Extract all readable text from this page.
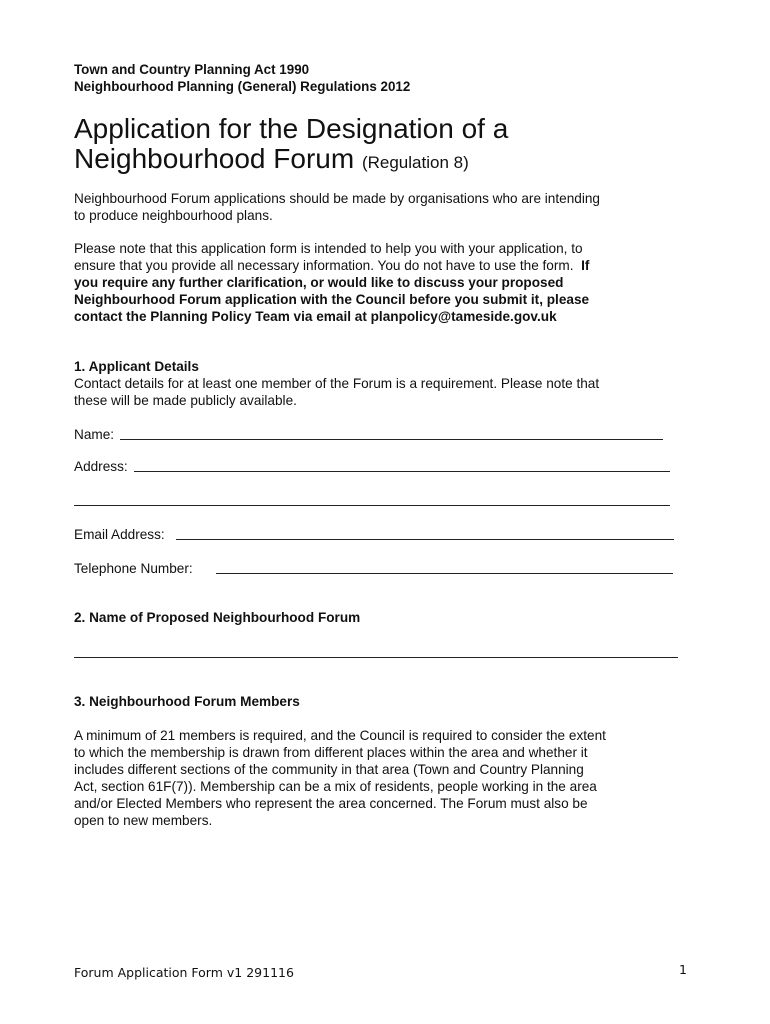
Town and Country Planning Act 1990
Neighbourhood Planning (General) Regulations 2012
Application for the Designation of a
Neighbourhood Forum (Regulation 8)
Neighbourhood Forum applications should be made by organisations who are intending
to produce neighbourhood plans.
Please note that this application form is intended to help you with your application, to
ensure that you provide all necessary information. You do not have to use the form. If
you require any further clarification, or would like to discuss your proposed
Neighbourhood Forum application with the Council before you submit it, please
contact the Planning Policy Team via email at planpolicy@tameside.gov.uk
1. Applicant Details
Contact details for at least one member of the Forum is a requirement. Please note that
these will be made publicly available.
Name:
Address:
Email Address:
Telephone Number:
2. Name of Proposed Neighbourhood Forum
3. Neighbourhood Forum Members
A minimum of 21 members is required, and the Council is required to consider the extent
to which the membership is drawn from different places within the area and whether it
includes different sections of the community in that area (Town and Country Planning
Act, section 61F(7)). Membership can be a mix of residents, people working in the area
and/or Elected Members who represent the area concerned. The Forum must also be
open to new members.
Forum Application Form v1 291116	1
